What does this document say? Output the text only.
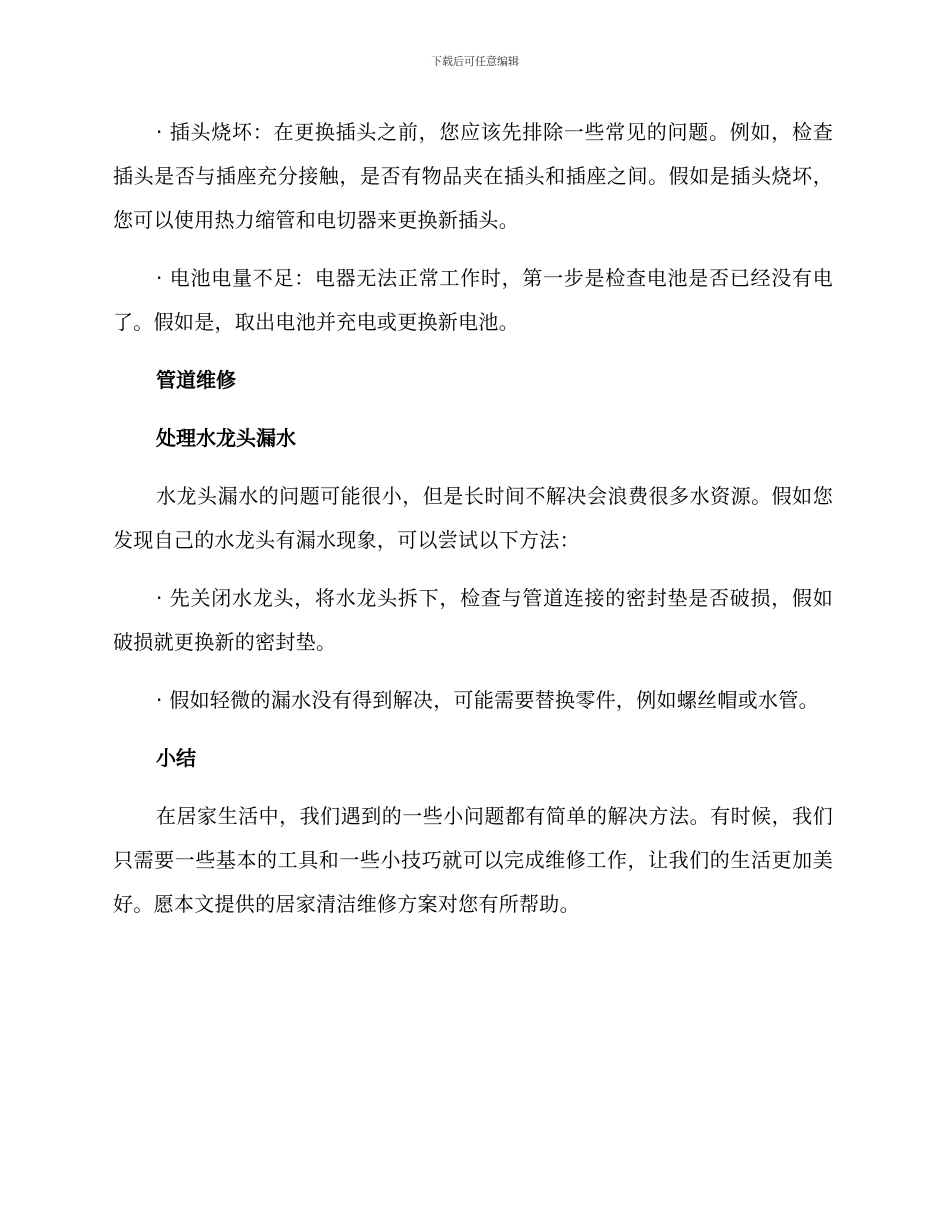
下载后可任意编辑

· 插头烧坏：在更换插头之前，您应该先排除一些常见的问题。例如，检查插头是否与插座充分接触，是否有物品夹在插头和插座之间。假如是插头烧坏，您可以使用热力缩管和电切器来更换新插头。

· 电池电量不足：电器无法正常工作时，第一步是检查电池是否已经没有电了。假如是，取出电池并充电或更换新电池。

管道维修
处理水龙头漏水

水龙头漏水的问题可能很小，但是长时间不解决会浪费很多水资源。假如您发现自己的水龙头有漏水现象，可以尝试以下方法：

· 先关闭水龙头，将水龙头拆下，检查与管道连接的密封垫是否破损，假如破损就更换新的密封垫。

· 假如轻微的漏水没有得到解决，可能需要替换零件，例如螺丝帽或水管。

小结

在居家生活中，我们遇到的一些小问题都有简单的解决方法。有时候，我们只需要一些基本的工具和一些小技巧就可以完成维修工作，让我们的生活更加美好。愿本文提供的居家清洁维修方案对您有所帮助。
